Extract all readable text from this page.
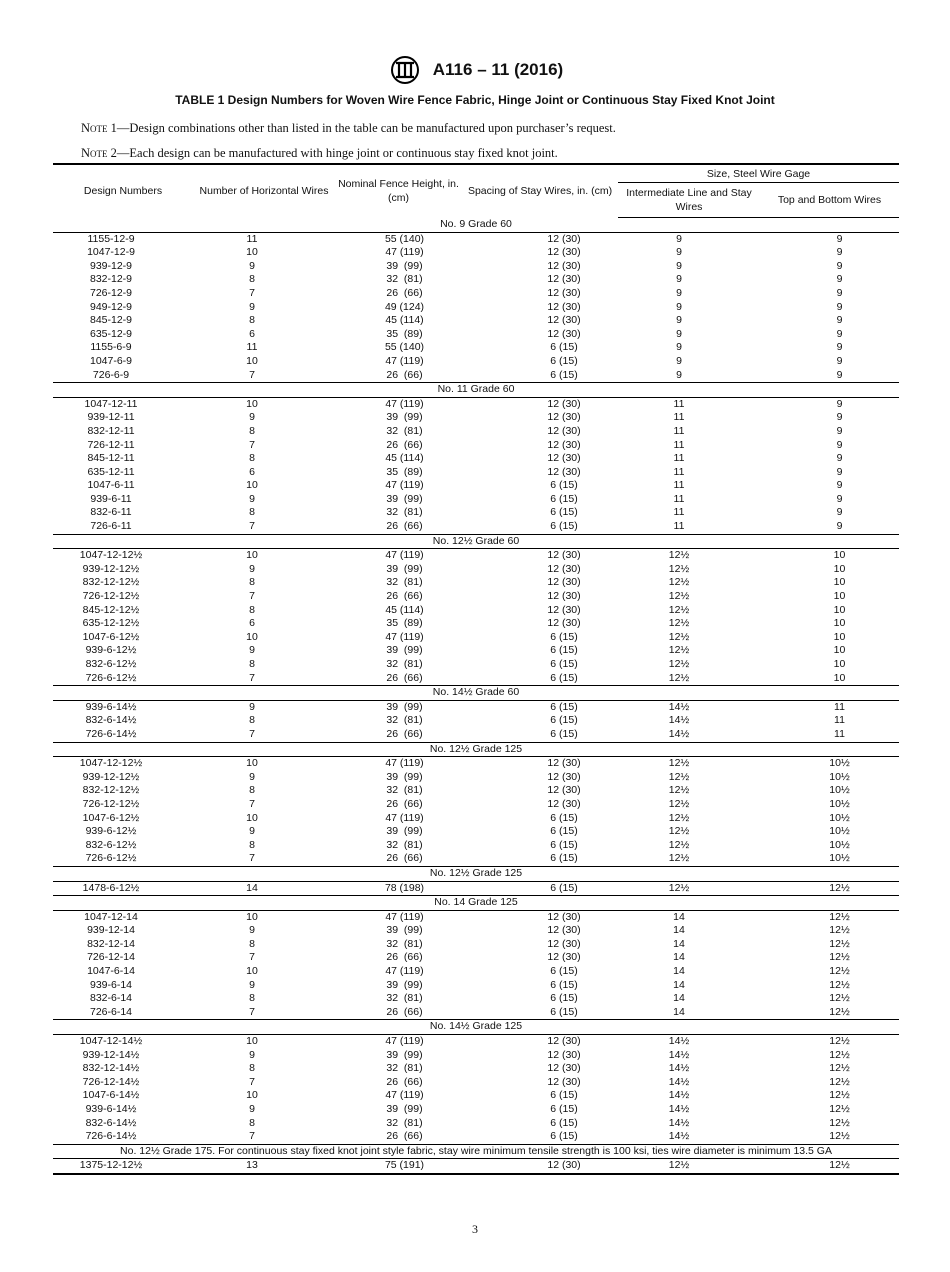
A116 – 11 (2016)
TABLE 1 Design Numbers for Woven Wire Fence Fabric, Hinge Joint or Continuous Stay Fixed Knot Joint
Note 1—Design combinations other than listed in the table can be manufactured upon purchaser’s request.
Note 2—Each design can be manufactured with hinge joint or continuous stay fixed knot joint.
Design Numbers	Number of Horizontal Wires	Nominal Fence Height, in. (cm)	Spacing of Stay Wires, in. (cm)	Size, Steel Wire Gage
Intermediate Line and Stay Wires	Top and Bottom Wires
No. 9 Grade 60
1155-12-9	11	55 (140)	12 (30)	9	9
1047-12-9	10	47 (119)	12 (30)	9	9
939-12-9	9	39  (99)	12 (30)	9	9
832-12-9	8	32  (81)	12 (30)	9	9
726-12-9	7	26  (66)	12 (30)	9	9
949-12-9	9	49 (124)	12 (30)	9	9
845-12-9	8	45 (114)	12 (30)	9	9
635-12-9	6	35  (89)	12 (30)	9	9
1155-6-9	11	55 (140)	6 (15)	9	9
1047-6-9	10	47 (119)	6 (15)	9	9
726-6-9	7	26  (66)	6 (15)	9	9
No. 11 Grade 60
1047-12-11	10	47 (119)	12 (30)	11	9
939-12-11	9	39  (99)	12 (30)	11	9
832-12-11	8	32  (81)	12 (30)	11	9
726-12-11	7	26  (66)	12 (30)	11	9
845-12-11	8	45 (114)	12 (30)	11	9
635-12-11	6	35  (89)	12 (30)	11	9
1047-6-11	10	47 (119)	6 (15)	11	9
939-6-11	9	39  (99)	6 (15)	11	9
832-6-11	8	32  (81)	6 (15)	11	9
726-6-11	7	26  (66)	6 (15)	11	9
No. 12½ Grade 60
1047-12-12½	10	47 (119)	12 (30)	12½	10
939-12-12½	9	39  (99)	12 (30)	12½	10
832-12-12½	8	32  (81)	12 (30)	12½	10
726-12-12½	7	26  (66)	12 (30)	12½	10
845-12-12½	8	45 (114)	12 (30)	12½	10
635-12-12½	6	35  (89)	12 (30)	12½	10
1047-6-12½	10	47 (119)	6 (15)	12½	10
939-6-12½	9	39  (99)	6 (15)	12½	10
832-6-12½	8	32  (81)	6 (15)	12½	10
726-6-12½	7	26  (66)	6 (15)	12½	10
No. 14½ Grade 60
939-6-14½	9	39  (99)	6 (15)	14½	11
832-6-14½	8	32  (81)	6 (15)	14½	11
726-6-14½	7	26  (66)	6 (15)	14½	11
No. 12½ Grade 125
1047-12-12½	10	47 (119)	12 (30)	12½	10½
939-12-12½	9	39  (99)	12 (30)	12½	10½
832-12-12½	8	32  (81)	12 (30)	12½	10½
726-12-12½	7	26  (66)	12 (30)	12½	10½
1047-6-12½	10	47 (119)	6 (15)	12½	10½
939-6-12½	9	39  (99)	6 (15)	12½	10½
832-6-12½	8	32  (81)	6 (15)	12½	10½
726-6-12½	7	26  (66)	6 (15)	12½	10½
No. 12½ Grade 125
1478-6-12½	14	78 (198)	6 (15)	12½	12½
No. 14 Grade 125
1047-12-14	10	47 (119)	12 (30)	14	12½
939-12-14	9	39  (99)	12 (30)	14	12½
832-12-14	8	32  (81)	12 (30)	14	12½
726-12-14	7	26  (66)	12 (30)	14	12½
1047-6-14	10	47 (119)	6 (15)	14	12½
939-6-14	9	39  (99)	6 (15)	14	12½
832-6-14	8	32  (81)	6 (15)	14	12½
726-6-14	7	26  (66)	6 (15)	14	12½
No. 14½ Grade 125
1047-12-14½	10	47 (119)	12 (30)	14½	12½
939-12-14½	9	39  (99)	12 (30)	14½	12½
832-12-14½	8	32  (81)	12 (30)	14½	12½
726-12-14½	7	26  (66)	12 (30)	14½	12½
1047-6-14½	10	47 (119)	6 (15)	14½	12½
939-6-14½	9	39  (99)	6 (15)	14½	12½
832-6-14½	8	32  (81)	6 (15)	14½	12½
726-6-14½	7	26  (66)	6 (15)	14½	12½
No. 12½ Grade 175. For continuous stay fixed knot joint style fabric, stay wire minimum tensile strength is 100 ksi, ties wire diameter is minimum 13.5 GA
1375-12-12½	13	75 (191)	12 (30)	12½	12½
3
